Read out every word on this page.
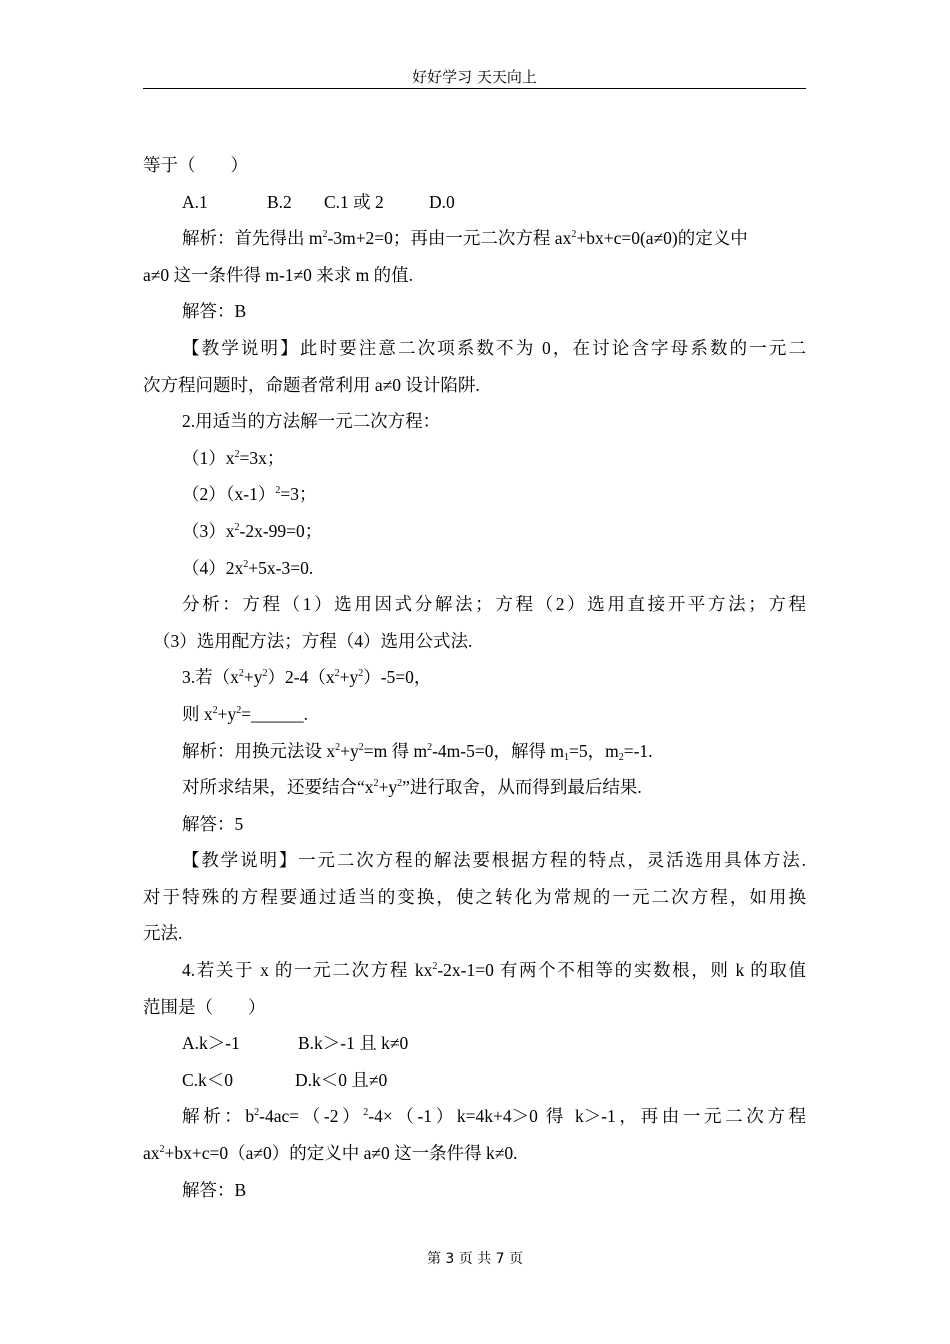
好好学习 天天向上
等于（　　）
A.1	B.2 C.1 或 2	D.0
解析：首先得出 $m^2-3m+2=0$；再由一元二次方程 $ax^2+bx+c=0(a\ne 0)$的定义中
a≠0 这一条件得 m-1≠0 来求 m 的值.
解答：B
【教学说明】此时要注意二次项系数不为 0，在讨论含字母系数的一元二
次方程问题时，命题者常利用 a≠0 设计陷阱.
2.用适当的方法解一元二次方程：
$(1)x^2=3x$；
$(2)(x-1)^2=3$；
$(3)x^2-2x-99=0$；
$(4)2x^2+5x-3=0$.
分析：方程（1）选用因式分解法；方程（2）选用直接开平方法；方程
（3）选用配方法；方程（4）选用公式法.
3.若$(x^2+y^2)2-4(x^2+y^2)-5=0$，
则 $x^2+y^2=\_\_\_\_\_\_$.
解析：用换元法设 $x^2+y^2=m$ 得 $m^2-4m-5=0$，解得 $m_1=5$，$m_2=-1$.
对所求结果，还要结合“$x^2+y^2$”进行取舍，从而得到最后结果.
解答：5
【教学说明】一元二次方程的解法要根据方程的特点，灵活选用具体方法.
对于特殊的方程要通过适当的变换，使之转化为常规的一元二次方程，如用换
元法.
4.若关于 x 的一元二次方程 $kx^2-2x-1=0$ 有两个不相等的实数根，则 k 的取值
范围是（　　）
A.k＞-1	B.k＞-1 且 k≠0
C.k＜0	D.k＜0 且≠0
解析：$b^2-4ac=(-2)^2-4\times(-1)k=4k+4>0$ 得 k＞-1，再由一元二次方程
$ax^2+bx+c=0(a\ne 0)$的定义中 a≠0 这一条件得 k≠0.
解答：B
第 3 页 共 7 页
